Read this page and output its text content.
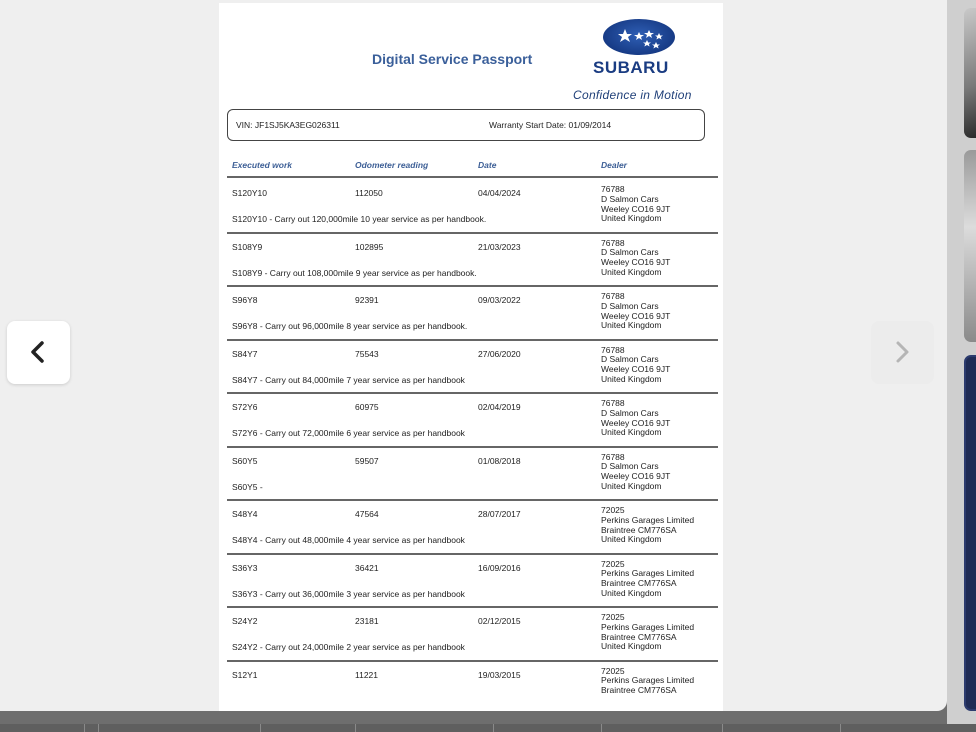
Digital Service Passport	SUBARU
Confidence in Motion
VIN: JF1SJ5KA3EG026311	Warranty Start Date: 01/09/2014
Executed work	Odometer reading	Date	Dealer
S120Y10	112050	04/04/2024	76788
D Salmon Cars
Weeley CO16 9JT
United Kingdom
S120Y10 - Carry out 120,000mile 10 year service as per handbook.
S108Y9	102895	21/03/2023	76788
D Salmon Cars
Weeley CO16 9JT
United Kingdom
S108Y9 - Carry out 108,000mile 9 year service as per handbook.
S96Y8	92391	09/03/2022	76788
D Salmon Cars
Weeley CO16 9JT
United Kingdom
S96Y8 - Carry out 96,000mile 8 year service as per handbook.
S84Y7	75543	27/06/2020	76788
D Salmon Cars
Weeley CO16 9JT
United Kingdom
S84Y7 - Carry out 84,000mile 7 year service as per handbook
S72Y6	60975	02/04/2019	76788
D Salmon Cars
Weeley CO16 9JT
United Kingdom
S72Y6 - Carry out 72,000mile 6 year service as per handbook
S60Y5	59507	01/08/2018	76788
D Salmon Cars
Weeley CO16 9JT
United Kingdom
S60Y5 -
S48Y4	47564	28/07/2017	72025
Perkins Garages Limited
Braintree CM776SA
United Kingdom
S48Y4 - Carry out 48,000mile 4 year service as per handbook
S36Y3	36421	16/09/2016	72025
Perkins Garages Limited
Braintree CM776SA
United Kingdom
S36Y3 - Carry out 36,000mile 3 year service as per handbook
S24Y2	23181	02/12/2015	72025
Perkins Garages Limited
Braintree CM776SA
United Kingdom
S24Y2 - Carry out 24,000mile 2 year service as per handbook
S12Y1	11221	19/03/2015	72025
Perkins Garages Limited
Braintree CM776SA
